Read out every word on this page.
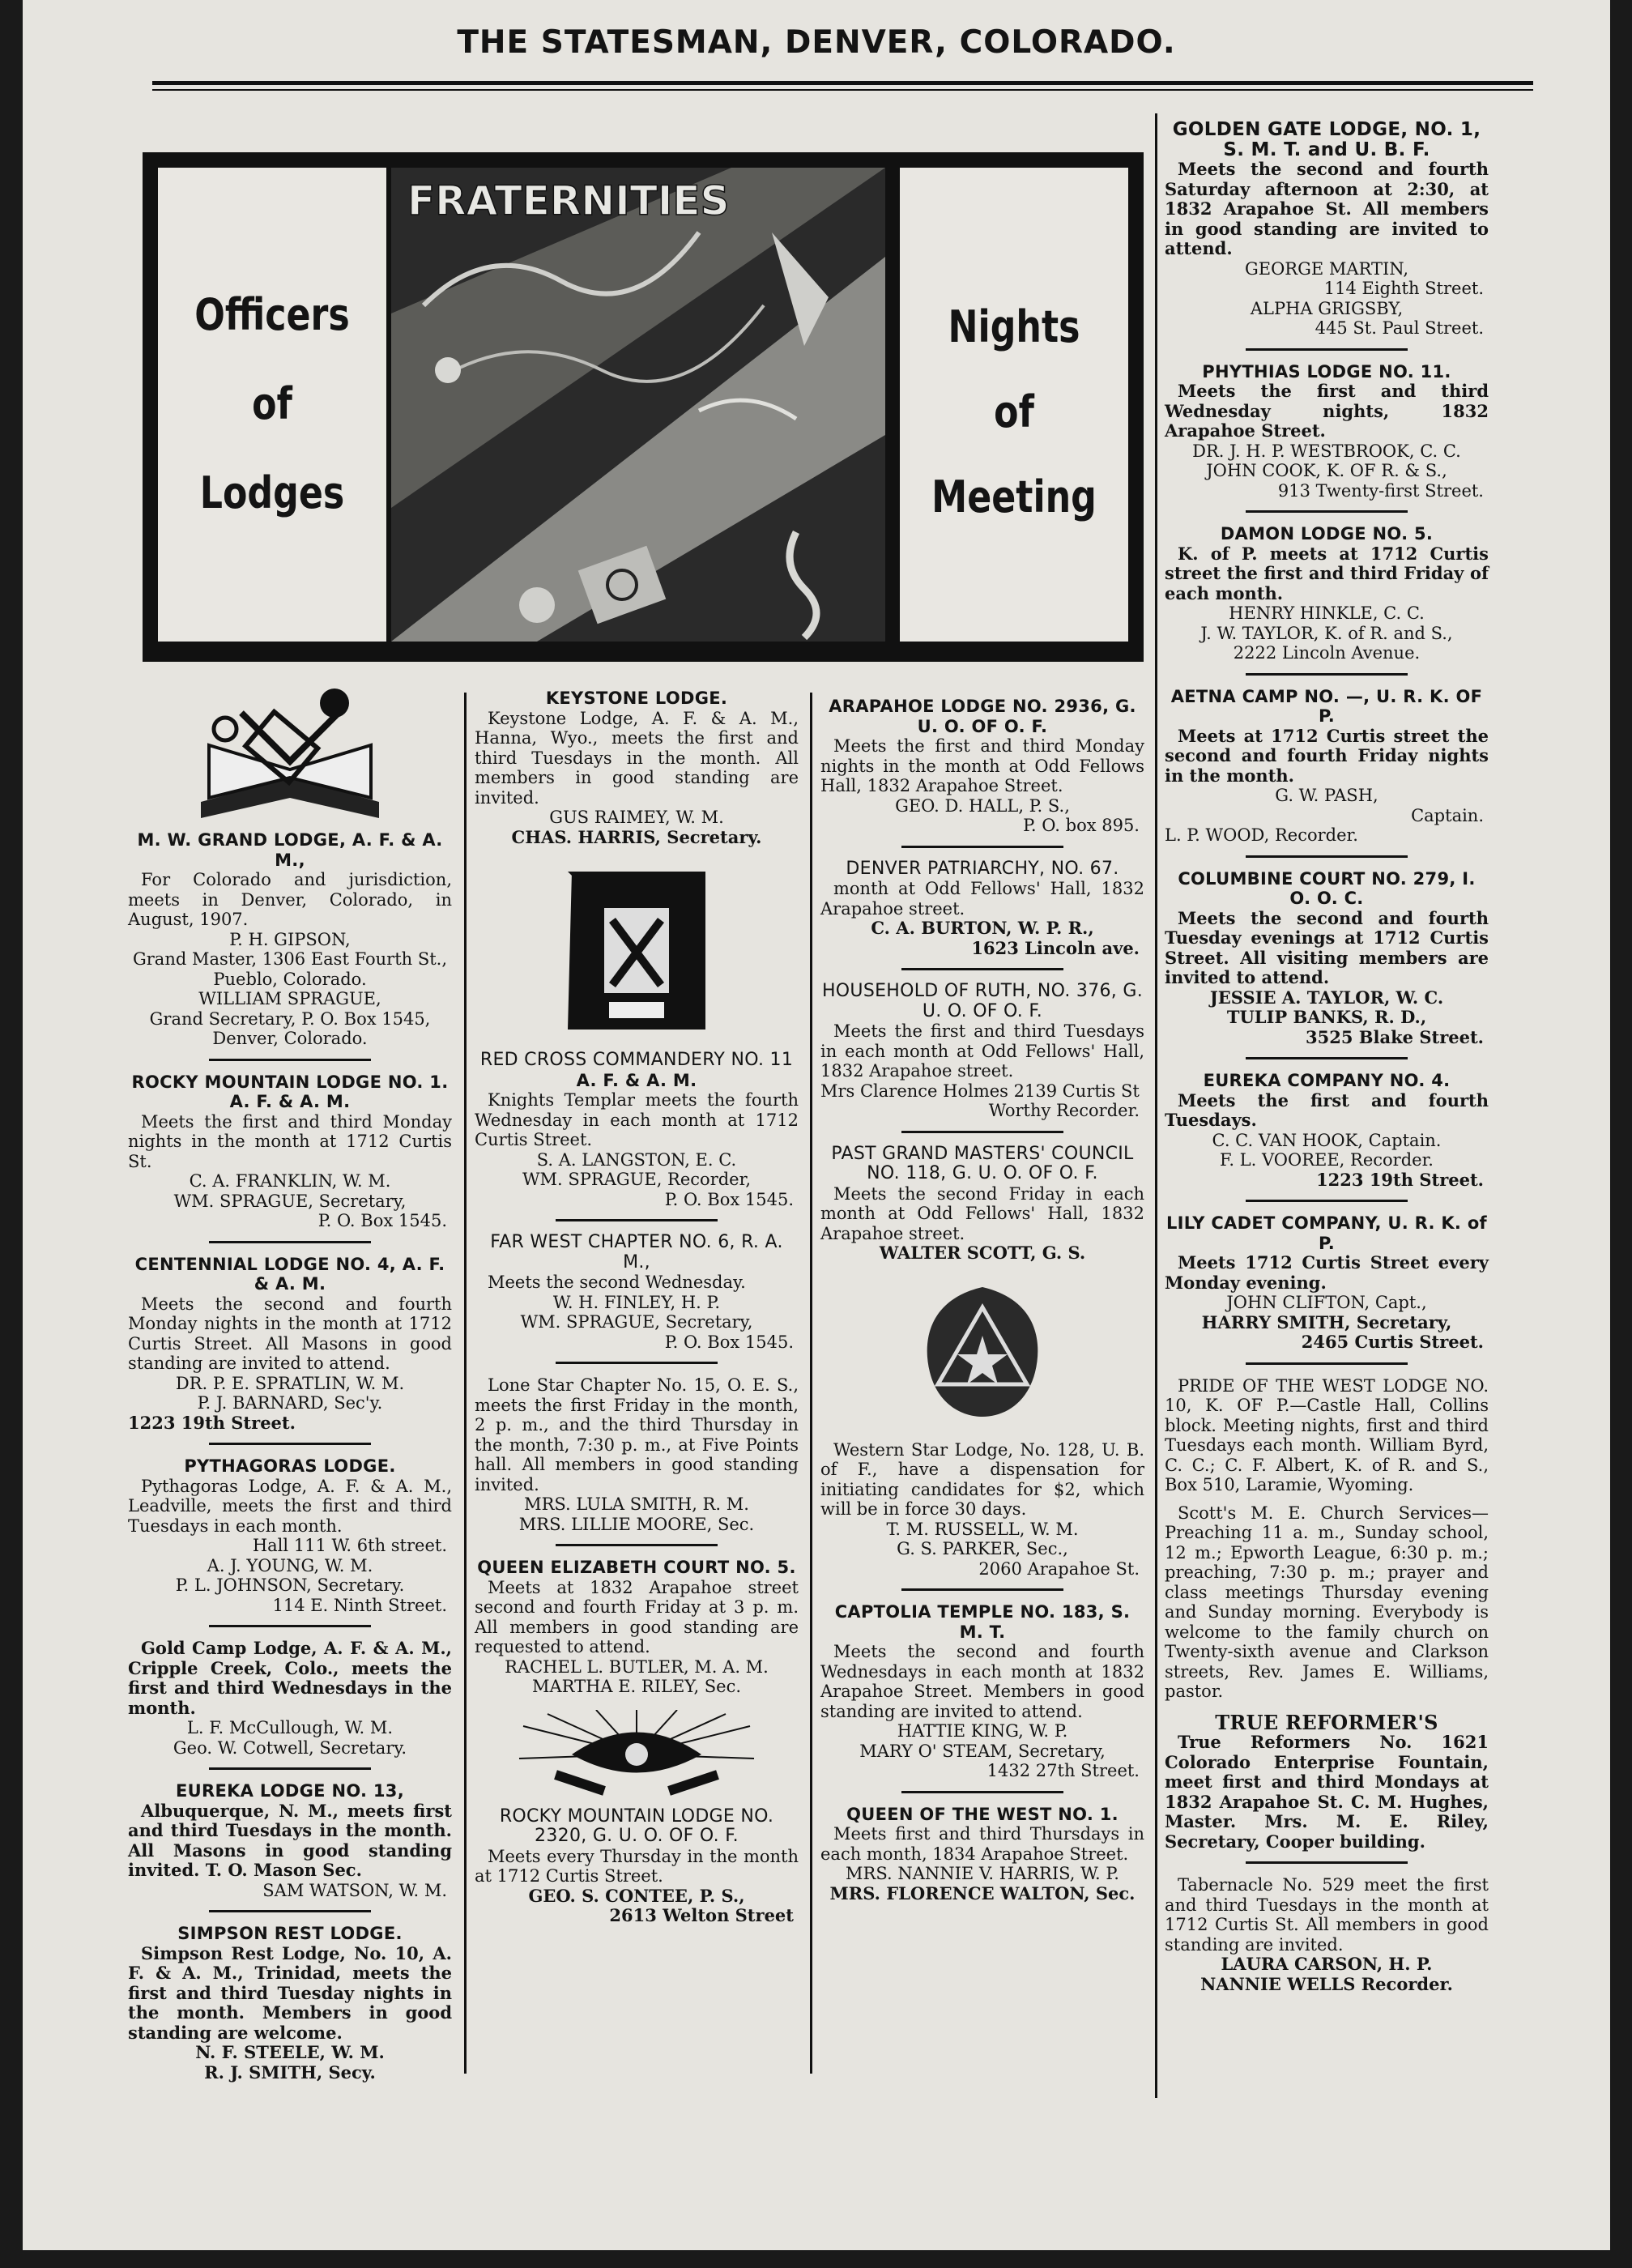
THE STATESMAN, DENVER, COLORADO.
Officers
of
Lodges
FRATERNITIES
Nights
of
Meeting
M. W. GRAND LODGE, A. F. & A. M.,
For Colorado and jurisdiction, meets in Denver, Colorado, in August, 1907.
P. H. GIPSON,
Grand Master, 1306 East Fourth St., Pueblo, Colorado.
WILLIAM SPRAGUE,
Grand Secretary, P. O. Box 1545, Denver, Colorado.
ROCKY MOUNTAIN LODGE NO. 1. A. F. & A. M.
Meets the first and third Monday nights in the month at 1712 Curtis St.
C. A. FRANKLIN, W. M.
WM. SPRAGUE, Secretary,
P. O. Box 1545.
CENTENNIAL LODGE NO. 4, A. F. & A. M.
Meets the second and fourth Monday nights in the month at 1712 Curtis Street. All Masons in good standing are invited to attend.
DR. P. E. SPRATLIN, W. M.
P. J. BARNARD, Sec'y.
1223 19th Street.
PYTHAGORAS LODGE.
Pythagoras Lodge, A. F. & A. M., Leadville, meets the first and third Tuesdays in each month.
Hall 111 W. 6th street.
A. J. YOUNG, W. M.
P. L. JOHNSON, Secretary.
114 E. Ninth Street.
Gold Camp Lodge, A. F. & A. M., Cripple Creek, Colo., meets the first and third Wednesdays in the month.
L. F. McCullough, W. M.
Geo. W. Cotwell, Secretary.
EUREKA LODGE NO. 13,
Albuquerque, N. M., meets first and third Tuesdays in the month. All Masons in good standing invited. T. O. Mason Sec.
SAM WATSON, W. M.
SIMPSON REST LODGE.
Simpson Rest Lodge, No. 10, A. F. & A. M., Trinidad, meets the first and third Tuesday nights in the month. Members in good standing are welcome.
N. F. STEELE, W. M.
R. J. SMITH, Secy.
KEYSTONE LODGE.
Keystone Lodge, A. F. & A. M., Hanna, Wyo., meets the first and third Tuesdays in the month. All members in good standing are invited.
GUS RAIMEY, W. M.
CHAS. HARRIS, Secretary.
RED CROSS COMMANDERY NO. 11
A. F. & A. M.
Knights Templar meets the fourth Wednesday in each month at 1712 Curtis Street.
S. A. LANGSTON, E. C.
WM. SPRAGUE, Recorder,
P. O. Box 1545.
FAR WEST CHAPTER NO. 6, R. A. M.,
Meets the second Wednesday.
W. H. FINLEY, H. P.
WM. SPRAGUE, Secretary,
P. O. Box 1545.
Lone Star Chapter No. 15, O. E. S., meets the first Friday in the month, 2 p. m., and the third Thursday in the month, 7:30 p. m., at Five Points hall. All members in good standing invited.
MRS. LULA SMITH, R. M.
MRS. LILLIE MOORE, Sec.
QUEEN ELIZABETH COURT NO. 5.
Meets at 1832 Arapahoe street second and fourth Friday at 3 p. m. All members in good standing are requested to attend.
RACHEL L. BUTLER, M. A. M.
MARTHA E. RILEY, Sec.
ROCKY MOUNTAIN LODGE NO. 2320, G. U. O. OF O. F.
Meets every Thursday in the month at 1712 Curtis Street.
GEO. S. CONTEE, P. S.,
2613 Welton Street
ARAPAHOE LODGE NO. 2936, G. U. O. OF O. F.
Meets the first and third Monday nights in the month at Odd Fellows Hall, 1832 Arapahoe Street.
GEO. D. HALL, P. S.,
P. O. box 895.
DENVER PATRIARCHY, NO. 67.
month at Odd Fellows' Hall, 1832 Arapahoe street.
C. A. BURTON, W. P. R.,
1623 Lincoln ave.
HOUSEHOLD OF RUTH, NO. 376, G. U. O. OF O. F.
Meets the first and third Tuesdays in each month at Odd Fellows' Hall, 1832 Arapahoe street.
Mrs Clarence Holmes 2139 Curtis St
Worthy Recorder.
PAST GRAND MASTERS' COUNCIL NO. 118, G. U. O. OF O. F.
Meets the second Friday in each month at Odd Fellows' Hall, 1832 Arapahoe street.
WALTER SCOTT, G. S.
Western Star Lodge, No. 128, U. B. of F., have a dispensation for initiating candidates for $2, which will be in force 30 days.
T. M. RUSSELL, W. M.
G. S. PARKER, Sec.,
2060 Arapahoe St.
CAPTOLIA TEMPLE NO. 183, S. M. T.
Meets the second and fourth Wednesdays in each month at 1832 Arapahoe Street. Members in good standing are invited to attend.
HATTIE KING, W. P.
MARY O' STEAM, Secretary,
1432 27th Street.
QUEEN OF THE WEST NO. 1.
Meets first and third Thursdays in each month, 1834 Arapahoe Street.
MRS. NANNIE V. HARRIS, W. P.
MRS. FLORENCE WALTON, Sec.
GOLDEN GATE LODGE, NO. 1, S. M. T. and U. B. F.
Meets the second and fourth Saturday afternoon at 2:30, at 1832 Arapahoe St. All members in good standing are invited to attend.
GEORGE MARTIN,
114 Eighth Street.
ALPHA GRIGSBY,
445 St. Paul Street.
PHYTHIAS LODGE NO. 11.
Meets the first and third Wednesday nights, 1832 Arapahoe Street.
DR. J. H. P. WESTBROOK, C. C.
JOHN COOK, K. OF R. & S.,
913 Twenty-first Street.
DAMON LODGE NO. 5.
K. of P. meets at 1712 Curtis street the first and third Friday of each month.
HENRY HINKLE, C. C.
J. W. TAYLOR, K. of R. and S.,
2222 Lincoln Avenue.
AETNA CAMP NO. —, U. R. K. OF P.
Meets at 1712 Curtis street the second and fourth Friday nights in the month.
G. W. PASH,
Captain.
L. P. WOOD, Recorder.
COLUMBINE COURT NO. 279, I. O. O. C.
Meets the second and fourth Tuesday evenings at 1712 Curtis Street. All visiting members are invited to attend.
JESSIE A. TAYLOR, W. C.
TULIP BANKS, R. D.,
3525 Blake Street.
EUREKA COMPANY NO. 4.
Meets the first and fourth Tuesdays.
C. C. VAN HOOK, Captain.
F. L. VOOREE, Recorder.
1223 19th Street.
LILY CADET COMPANY, U. R. K. of P.
Meets 1712 Curtis Street every Monday evening.
JOHN CLIFTON, Capt.,
HARRY SMITH, Secretary,
2465 Curtis Street.
PRIDE OF THE WEST LODGE NO. 10, K. OF P.—Castle Hall, Collins block. Meeting nights, first and third Tuesdays each month. William Byrd, C. C.; C. F. Albert, K. of R. and S., Box 510, Laramie, Wyoming.
Scott's M. E. Church Services—Preaching 11 a. m., Sunday school, 12 m.; Epworth League, 6:30 p. m.; preaching, 7:30 p. m.; prayer and class meetings Thursday evening and Sunday morning. Everybody is welcome to the family church on Twenty-sixth avenue and Clarkson streets, Rev. James E. Williams, pastor.
TRUE REFORMER'S
True Reformers No. 1621 Colorado Enterprise Fountain, meet first and third Mondays at 1832 Arapahoe St. C. M. Hughes, Master. Mrs. M. E. Riley, Secretary, Cooper building.
Tabernacle No. 529 meet the first and third Tuesdays in the month at 1712 Curtis St. All members in good standing are invited.
LAURA CARSON, H. P.
NANNIE WELLS Recorder.
